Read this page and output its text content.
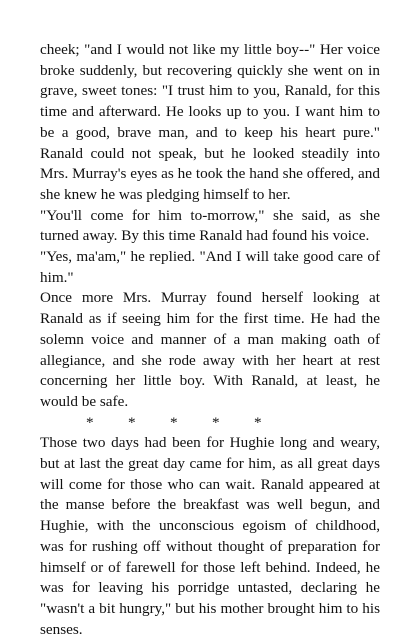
cheek; "and I would not like my little boy--" Her voice broke suddenly, but recovering quickly she went on in grave, sweet tones: "I trust him to you, Ranald, for this time and afterward. He looks up to you. I want him to be a good, brave man, and to keep his heart pure." Ranald could not speak, but he looked steadily into Mrs. Murray's eyes as he took the hand she offered, and she knew he was pledging himself to her.

"You'll come for him to-morrow," she said, as she turned away. By this time Ranald had found his voice.

"Yes, ma'am," he replied. "And I will take good care of him."

Once more Mrs. Murray found herself looking at Ranald as if seeing him for the first time. He had the solemn voice and manner of a man making oath of allegiance, and she rode away with her heart at rest concerning her little boy. With Ranald, at least, he would be safe.

* * * * *

Those two days had been for Hughie long and weary, but at last the great day came for him, as all great days will come for those who can wait. Ranald appeared at the manse before the breakfast was well begun, and Hughie, with the unconscious egoism of childhood, was for rushing off without thought of preparation for himself or of farewell for those left behind. Indeed, he was for leaving his porridge untasted, declaring he "wasn't a bit hungry," but his mother brought him to his senses.
